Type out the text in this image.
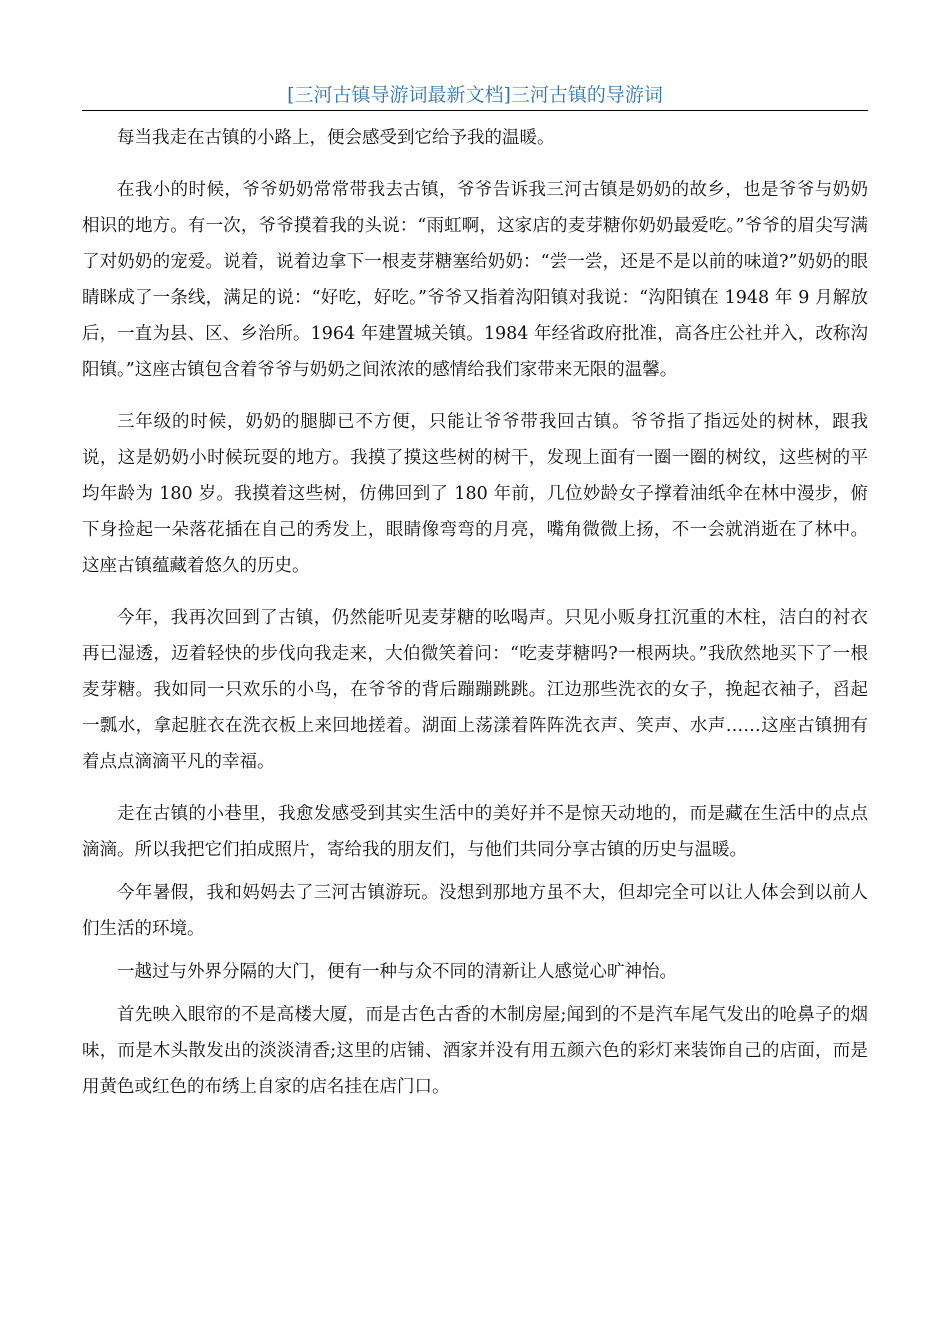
[三河古镇导游词最新文档]三河古镇的导游词

每当我走在古镇的小路上，便会感受到它给予我的温暖。

在我小的时候，爷爷奶奶常常带我去古镇，爷爷告诉我三河古镇是奶奶的故乡，也是爷爷与奶奶相识的地方。有一次，爷爷摸着我的头说：“雨虹啊，这家店的麦芽糖你奶奶最爱吃。”爷爷的眉尖写满了对奶奶的宠爱。说着，说着边拿下一根麦芽糖塞给奶奶：“尝一尝，还是不是以前的味道?”奶奶的眼睛眯成了一条线，满足的说：“好吃，好吃。”爷爷又指着沟阳镇对我说：“沟阳镇在 1948 年 9 月解放后，一直为县、区、乡治所。1964 年建置城关镇。1984 年经省政府批准，高各庄公社并入，改称沟阳镇。”这座古镇包含着爷爷与奶奶之间浓浓的感情给我们家带来无限的温馨。

三年级的时候，奶奶的腿脚已不方便，只能让爷爷带我回古镇。爷爷指了指远处的树林，跟我说，这是奶奶小时候玩耍的地方。我摸了摸这些树的树干，发现上面有一圈一圈的树纹，这些树的平均年龄为 180 岁。我摸着这些树，仿佛回到了 180 年前，几位妙龄女子撑着油纸伞在林中漫步，俯下身捡起一朵落花插在自己的秀发上，眼睛像弯弯的月亮，嘴角微微上扬，不一会就消逝在了林中。这座古镇蕴藏着悠久的历史。

今年，我再次回到了古镇，仍然能听见麦芽糖的吆喝声。只见小贩身扛沉重的木柱，洁白的衬衣再已湿透，迈着轻快的步伐向我走来，大伯微笑着问：“吃麦芽糖吗?一根两块。”我欣然地买下了一根麦芽糖。我如同一只欢乐的小鸟，在爷爷的背后蹦蹦跳跳。江边那些洗衣的女子，挽起衣袖子，舀起一瓢水，拿起脏衣在洗衣板上来回地搓着。湖面上荡漾着阵阵洗衣声、笑声、水声……这座古镇拥有着点点滴滴平凡的幸福。

走在古镇的小巷里，我愈发感受到其实生活中的美好并不是惊天动地的，而是藏在生活中的点点滴滴。所以我把它们拍成照片，寄给我的朋友们，与他们共同分享古镇的历史与温暖。

今年暑假，我和妈妈去了三河古镇游玩。没想到那地方虽不大，但却完全可以让人体会到以前人们生活的环境。

一越过与外界分隔的大门，便有一种与众不同的清新让人感觉心旷神怡。

首先映入眼帘的不是高楼大厦，而是古色古香的木制房屋;闻到的不是汽车尾气发出的呛鼻子的烟味，而是木头散发出的淡淡清香;这里的店铺、酒家并没有用五颜六色的彩灯来装饰自己的店面，而是用黄色或红色的布绣上自家的店名挂在店门口。
